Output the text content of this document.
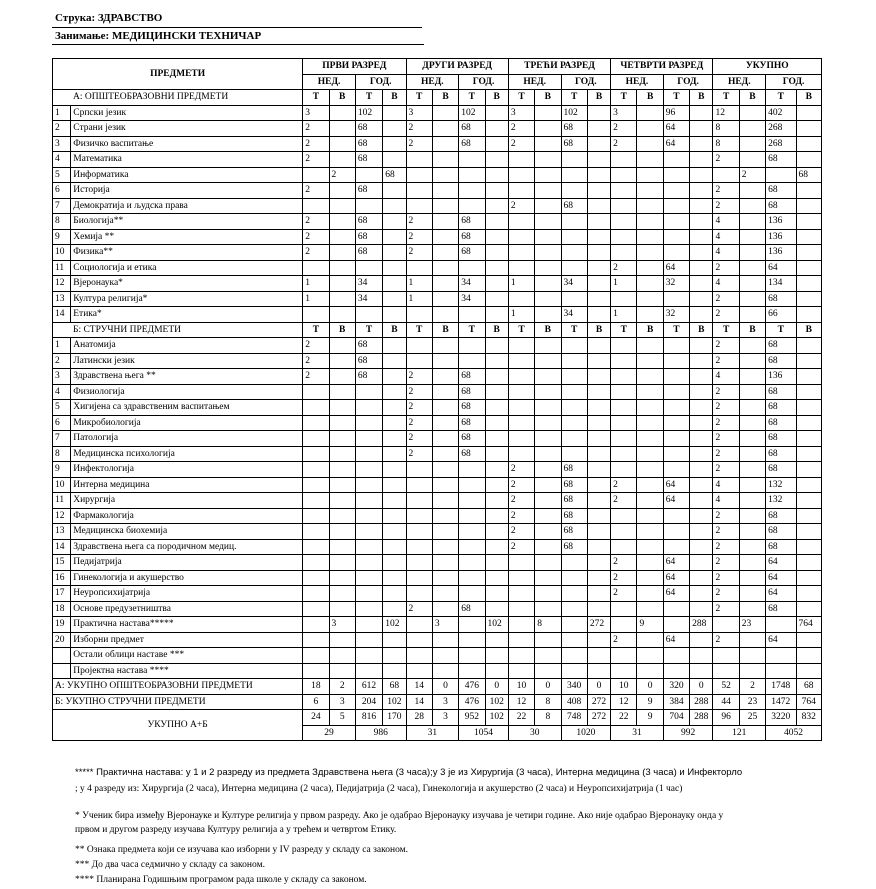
Струка: ЗДРАВСТВО
Занимање: МЕДИЦИНСКИ ТЕХНИЧАР
ПРЕДМЕТИ		ПРВИ РАЗРЕД				ДРУГИ РАЗРЕД				ТРЕЋИ РАЗРЕД				ЧЕТВРТИ РАЗРЕД				УКУПНО			
		НЕД.		ГОД.		НЕД.		ГОД.		НЕД.		ГОД.		НЕД.		ГОД.		НЕД.		ГОД.	
А: ОПШТЕОБРАЗОВНИ ПРЕДМЕТИ		Т	В	Т	В	Т	В	Т	В	Т	В	Т	В	Т	В	Т	В	Т	В	Т	В
1	Српски језик	3		102		3		102		3		102		3		96		12		402	
2	Страни језик	2		68		2		68		2		68		2		64		8		268	
3	Физичко васпитање	2		68		2		68		2		68		2		64		8		268	
4	Математика	2		68														2		68	
5	Информатика		2		68														2		68
6	Историја	2		68														2		68	
7	Демократија и људска права									2		68						2		68	
8	Биологија**	2		68		2		68										4		136	
9	Хемија **	2		68		2		68										4		136	
10	Физика**	2		68		2		68										4		136	
11	Социологија и етика													2		64		2		64	
12	Вјеронаука*	1		34		1		34		1		34		1		32		4		134	
13	Култура религија*	1		34		1		34										2		68	
14	Етика*									1		34		1		32		2		66	
Б: СТРУЧНИ ПРЕДМЕТИ		Т	В	Т	В	Т	В	Т	В	Т	В	Т	В	Т	В	Т	В	Т	В	Т	В
1	Анатомија	2		68														2		68	
2	Латински језик	2		68														2		68	
3	Здравствена њега **	2		68		2		68										4		136	
4	Физиологија					2		68										2		68	
5	Хигијена са здравственим васпитањем					2		68										2		68	
6	Микробиологија					2		68										2		68	
7	Патологија					2		68										2		68	
8	Медицинска психологија					2		68										2		68	
9	Инфектологија									2		68						2		68	
10	Интерна медицина									2		68		2		64		4		132	
11	Хирургија									2		68		2		64		4		132	
12	Фармакологија									2		68						2		68	
13	Медицинска биохемија									2		68						2		68	
14	Здравствена њега са породичном медиц.									2		68						2		68	
15	Педијатрија													2		64		2		64	
16	Гинекологија и акушерство													2		64		2		64	
17	Неуропсихијатрија													2		64		2		64	
18	Основе предузетништва					2		68										2		68	
19	Практична настава*****		3		102		3		102		8		272		9		288		23		764
20	Изборни предмет													2		64		2		64	
	Остали облици наставе ***																				
	Пројектна настава ****																				
А: УКУПНО ОПШТЕОБРАЗОВНИ ПРЕДМЕТИ		18	2	612	68	14	0	476	0	10	0	340	0	10	0	320	0	52	2	1748	68
Б: УКУПНО СТРУЧНИ ПРЕДМЕТИ		6	3	204	102	14	3	476	102	12	8	408	272	12	9	384	288	44	23	1472	764
УКУПНО А+Б		24	5	816	170	28	3	952	102	22	8	748	272	22	9	704	288	96	25	3220	832
		29		986		31		1054		30		1020		31		992		121		4052	
***** Практична настава: у 1 и 2 разреду из предмета Здравствена њега (3 часа);у 3 је из Хирургија (3 часа), Интерна медицина (3 часа) и Инфекторло
; у 4 разреду из: Хирургија (2 часа), Интерна медицина (2 часа), Педијатрија (2 часа), Гинекологија и акушерство (2 часа) и Неуропсихијатрија (1 час)
* Ученик бира између Вјеронауке и Културе религија у првом разреду. Ако је одабрао Вјеронауку изучава је четири године. Ако није одабрао Вјеронауку онда у
првом и другом разреду изучава Културу религија а у трећем и четвртом Етику.
** Ознака предмета који се изучава као изборни у IV разреду у складу са законом.
*** До два часа седмично у складу са законом.
**** Планирана Годишњим програмом рада школе у складу са законом.
